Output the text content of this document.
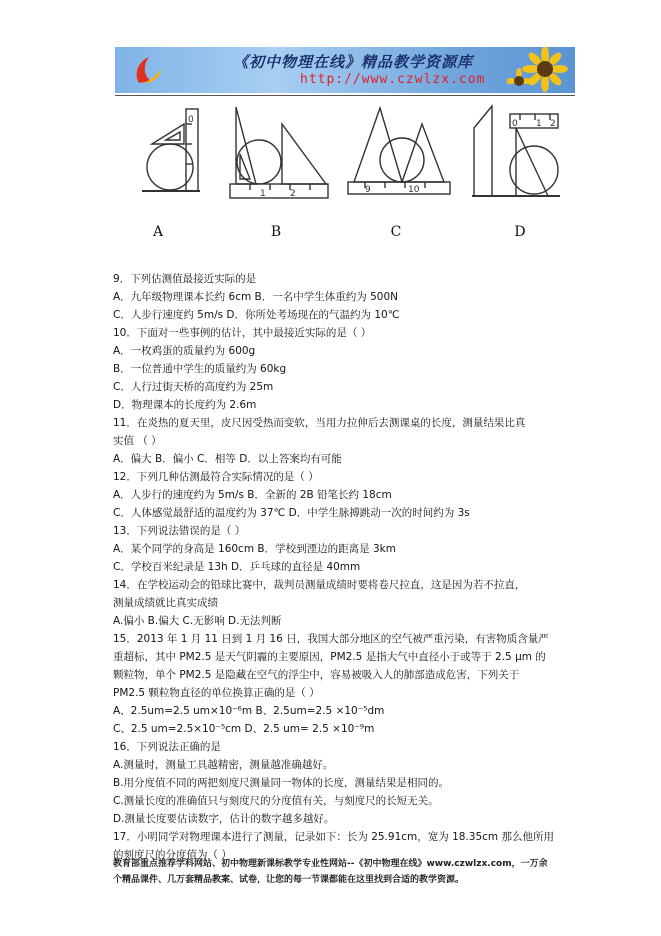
《初中物理在线》精品教学资源库
http://www.czwlzx.com
0
1	2	9	10
0 1 2
A	B	C	D
9．下列估测值最接近实际的是
A．九年级物理课本长约 6cm B．一名中学生体重约为 500N
C．人步行速度约 5m/s D．你所处考场现在的气温约为 10℃
10．下面对一些事例的估计，其中最接近实际的是（ ）
A．一枚鸡蛋的质量约为 600g
B．一位普通中学生的质量约为 60kg
C．人行过街天桥的高度约为 25m
D．物理课本的长度约为 2.6m
11．在炎热的夏天里，皮尺因受热而变软，当用力拉伸后去测课桌的长度，测量结果比真
实值 （ ）
A．偏大 B．偏小 C．相等 D．以上答案均有可能
12．下列几种估测最符合实际情况的是（ ）
A．人步行的速度约为 5m/s B．全新的 2B 铅笔长约 18cm
C．人体感觉最舒适的温度约为 37℃ D．中学生脉搏跳动一次的时间约为 3s
13．下列说法错误的是（ ）
A．某个同学的身高是 160cm B．学校到湮边的距离是 3km
C．学校百米纪录是 13h D．乒乓球的直径是 40mm
14．在学校运动会的铅球比赛中，裁判员测量成绩时要将卷尺拉直，这是因为若不拉直，
测量成绩就比真实成绩
A.偏小 B.偏大 C.无影响 D.无法判断
15．2013 年 1 月 11 日到 1 月 16 日，我国大部分地区的空气被严重污染，有害物质含量严
重超标，其中 PM2.5 是天气阴霾的主要原因，PM2.5 是指大气中直径小于或等于 2.5 μm 的
颗粒物，单个 PM2.5 是隐藏在空气的浮尘中，容易被吸入人的肺部造成危害，下列关于
PM2.5 颗粒物直径的单位换算正确的是（ ）
A、2.5um=2.5 um×10⁻⁶m B、2.5um=2.5 ×10⁻⁵dm
C、2.5 um=2.5×10⁻⁵cm D、2.5 um= 2.5 ×10⁻⁹m
16．下列说法正确的是
A.测量时，测量工具越精密，测量越准确越好。
B.用分度值不同的两把刻度尺测量同一物体的长度，测量结果是相同的。
C.测量长度的准确值只与刻度尺的分度值有关，与刻度尺的长短无关。
D.测量长度要估读数字，估计的数字越多越好。
17．小明同学对物理课本进行了测量，记录如下：长为 25.91cm，宽为 18.35cm 那么他所用
的刻度尺的分度值为（ ）
教育部重点推荐学科网站、初中物理新课标教学专业性网站--《初中物理在线》www.czwlzx.com，一万余
个精品课件、几万套精品教案、试卷，让您的每一节课都能在这里找到合适的教学资源。
